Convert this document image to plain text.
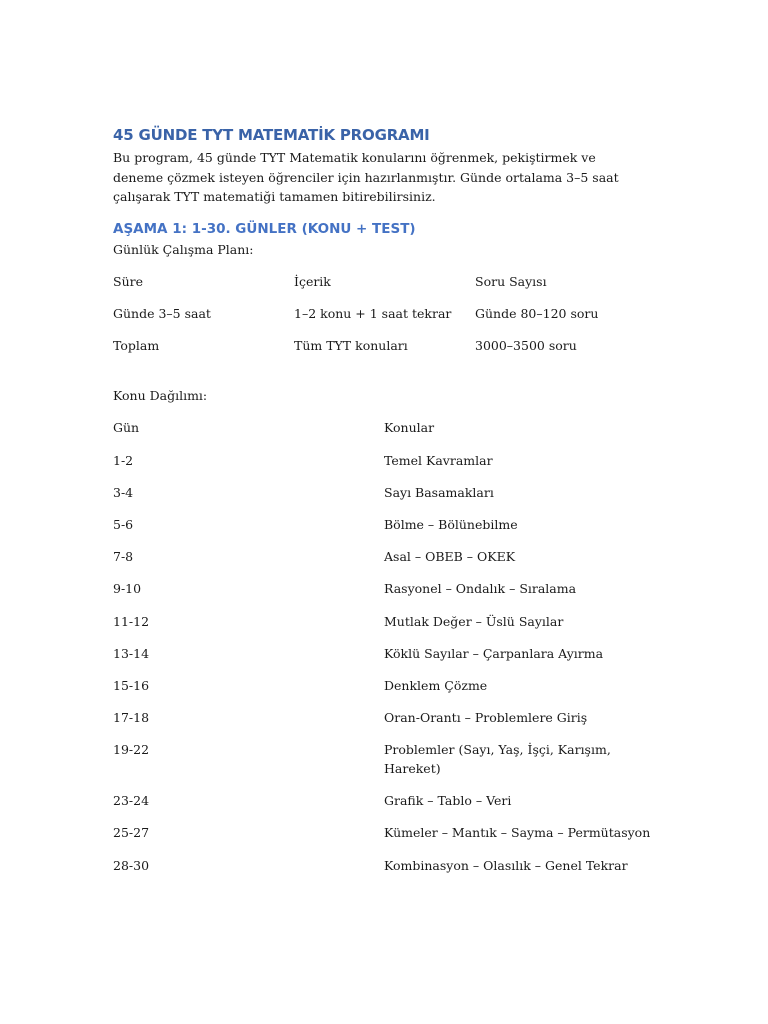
45 GÜNDE TYT MATEMATİK PROGRAMI

Bu program, 45 günde TYT Matematik konularını öğrenmek, pekiştirmek ve deneme çözmek isteyen öğrenciler için hazırlanmıştır. Günde ortalama 3–5 saat çalışarak TYT matematiği tamamen bitirebilirsiniz.

AŞAMA 1: 1-30. GÜNLER (KONU + TEST)
Günlük Çalışma Planı:
Süre	İçerik	Soru Sayısı
Günde 3–5 saat	1–2 konu + 1 saat tekrar	Günde 80–120 soru
Toplam	Tüm TYT konuları	3000–3500 soru
Konu Dağılımı:
Gün	Konular
1-2	Temel Kavramlar
3-4	Sayı Basamakları
5-6	Bölme – Bölünebilme
7-8	Asal – OBEB – OKEK
9-10	Rasyonel – Ondalık – Sıralama
11-12	Mutlak Değer – Üslü Sayılar
13-14	Köklü Sayılar – Çarpanlara Ayırma
15-16	Denklem Çözme
17-18	Oran-Orantı – Problemlere Giriş
19-22	Problemler (Sayı, Yaş, İşçi, Karışım, Hareket)
23-24	Grafik – Tablo – Veri
25-27	Kümeler – Mantık – Sayma – Permütasyon
28-30	Kombinasyon – Olasılık – Genel Tekrar
